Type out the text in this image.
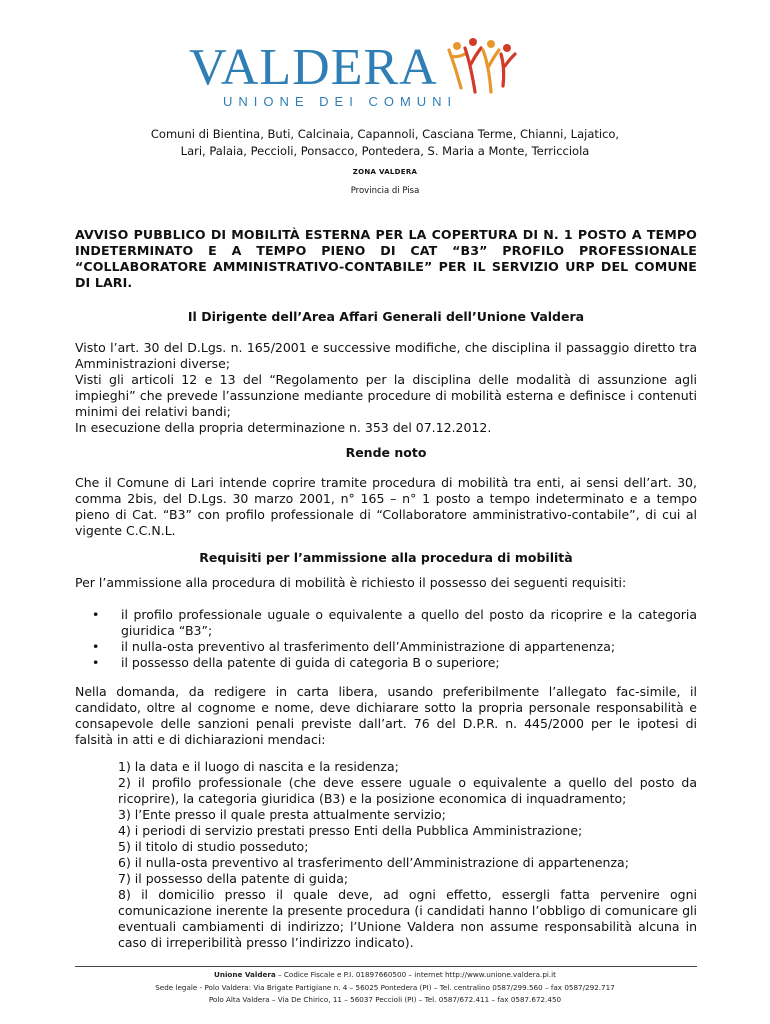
VALDERA
UNIONE DEI COMUNI
Comuni di Bientina, Buti, Calcinaia, Capannoli, Casciana Terme, Chianni, Lajatico,
Lari, Palaia, Peccioli, Ponsacco, Pontedera, S. Maria a Monte, Terricciola
ZONA VALDERA
Provincia di Pisa
AVVISO PUBBLICO DI MOBILITÀ ESTERNA PER LA COPERTURA DI N. 1 POSTO A TEMPO
INDETERMINATO E A TEMPO PIENO DI CAT “B3” PROFILO PROFESSIONALE
“COLLABORATORE AMMINISTRATIVO-CONTABILE” PER IL SERVIZIO URP DEL COMUNE
DI LARI.
Il Dirigente dell’Area Affari Generali dell’Unione Valdera
Visto l’art. 30 del D.Lgs. n. 165/2001 e successive modifiche, che disciplina il passaggio diretto tra
Amministrazioni diverse;
Visti gli articoli 12 e 13 del “Regolamento per la disciplina delle modalità di assunzione agli
impieghi” che prevede l’assunzione mediante procedure di mobilità esterna e definisce i contenuti
minimi dei relativi bandi;
In esecuzione della propria determinazione n. 353 del 07.12.2012.
Rende noto
Che il Comune di Lari intende coprire tramite procedura di mobilità tra enti, ai sensi dell’art. 30,
comma 2bis, del D.Lgs. 30 marzo 2001, n° 165 – n° 1 posto a tempo indeterminato e a tempo
pieno di Cat. “B3” con profilo professionale di “Collaboratore amministrativo-contabile”, di cui al
vigente C.C.N.L.
Requisiti per l’ammissione alla procedura di mobilità
Per l’ammissione alla procedura di mobilità è richiesto il possesso dei seguenti requisiti:
• il profilo professionale uguale o equivalente a quello del posto da ricoprire e la categoria
giuridica “B3”;
• il nulla-osta preventivo al trasferimento dell’Amministrazione di appartenenza;
• il possesso della patente di guida di categoria B o superiore;
Nella domanda, da redigere in carta libera, usando preferibilmente l’allegato fac-simile, il
candidato, oltre al cognome e nome, deve dichiarare sotto la propria personale responsabilità e
consapevole delle sanzioni penali previste dall’art. 76 del D.P.R. n. 445/2000 per le ipotesi di
falsità in atti e di dichiarazioni mendaci:
1) la data e il luogo di nascita e la residenza;
2) il profilo professionale (che deve essere uguale o equivalente a quello del posto da
ricoprire), la categoria giuridica (B3) e la posizione economica di inquadramento;
3) l’Ente presso il quale presta attualmente servizio;
4) i periodi di servizio prestati presso Enti della Pubblica Amministrazione;
5) il titolo di studio posseduto;
6) il nulla-osta preventivo al trasferimento dell’Amministrazione di appartenenza;
7) il possesso della patente di guida;
8) il domicilio presso il quale deve, ad ogni effetto, essergli fatta pervenire ogni
comunicazione inerente la presente procedura (i candidati hanno l’obbligo di comunicare gli
eventuali cambiamenti di indirizzo; l’Unione Valdera non assume responsabilità alcuna in
caso di irreperibilità presso l’indirizzo indicato).
Unione Valdera – Codice Fiscale e P.I. 01897660500 – internet http://www.unione.valdera.pi.it
Sede legale - Polo Valdera: Via Brigate Partigiane n. 4 – 56025 Pontedera (PI) – Tel. centralino 0587/299.560 – fax 0587/292.717
Polo Alta Valdera – Via De Chirico, 11 – 56037 Peccioli (PI) – Tel. 0587/672.411 – fax 0587.672.450
